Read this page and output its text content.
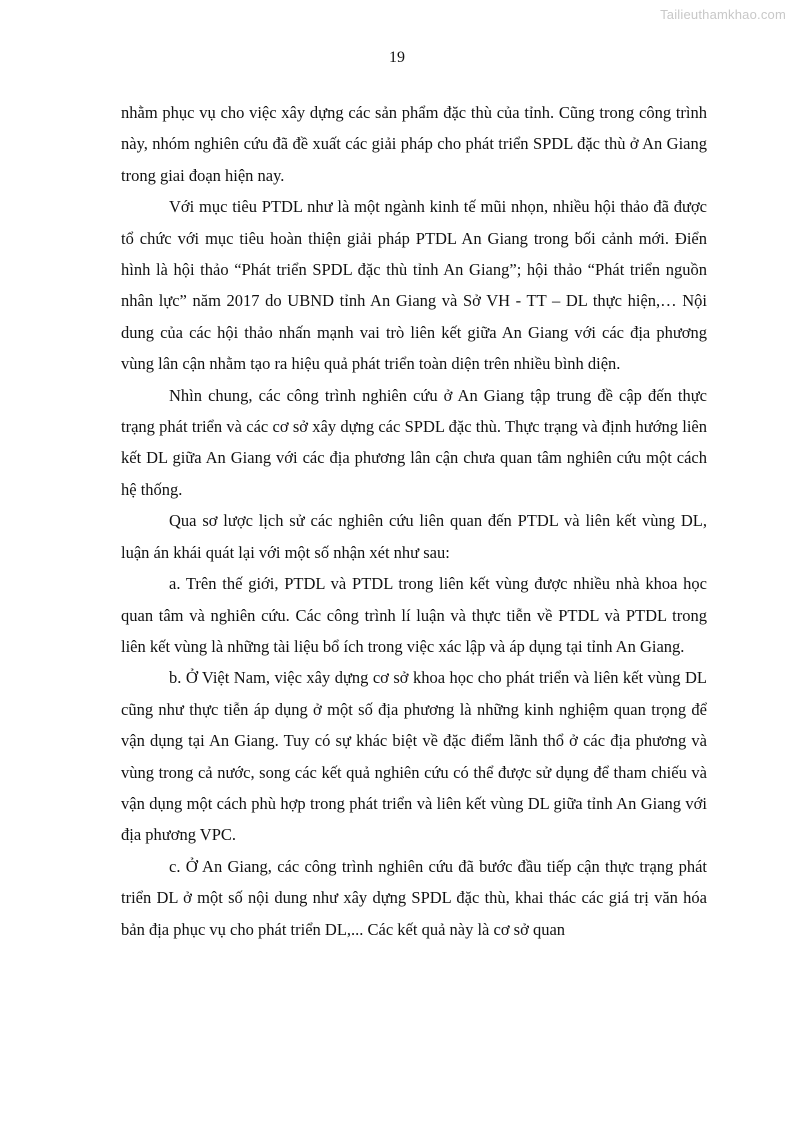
Tailieuthamkhao.com
19

nhằm phục vụ cho việc xây dựng các sản phẩm đặc thù của tỉnh. Cũng trong công trình này, nhóm nghiên cứu đã đề xuất các giải pháp cho phát triển SPDL đặc thù ở An Giang trong giai đoạn hiện nay.

Với mục tiêu PTDL như là một ngành kinh tế mũi nhọn, nhiều hội thảo đã được tổ chức với mục tiêu hoàn thiện giải pháp PTDL An Giang trong bối cảnh mới. Điển hình là hội thảo “Phát triển SPDL đặc thù tỉnh An Giang”; hội thảo “Phát triển nguồn nhân lực” năm 2017 do UBND tỉnh An Giang và Sở VH - TT – DL thực hiện,… Nội dung của các hội thảo nhấn mạnh vai trò liên kết giữa An Giang với các địa phương vùng lân cận nhằm tạo ra hiệu quả phát triển toàn diện trên nhiều bình diện.

Nhìn chung, các công trình nghiên cứu ở An Giang tập trung đề cập đến thực trạng phát triển và các cơ sở xây dựng các SPDL đặc thù. Thực trạng và định hướng liên kết DL giữa An Giang với các địa phương lân cận chưa quan tâm nghiên cứu một cách hệ thống.

Qua sơ lược lịch sử các nghiên cứu liên quan đến PTDL và liên kết vùng DL, luận án khái quát lại với một số nhận xét như sau:

a. Trên thế giới, PTDL và PTDL trong liên kết vùng được nhiều nhà khoa học quan tâm và nghiên cứu. Các công trình lí luận và thực tiễn về PTDL và PTDL trong liên kết vùng là những tài liệu bổ ích trong việc xác lập và áp dụng tại tỉnh An Giang.

b. Ở Việt Nam, việc xây dựng cơ sở khoa học cho phát triển và liên kết vùng DL cũng như thực tiễn áp dụng ở một số địa phương là những kinh nghiệm quan trọng để vận dụng tại An Giang. Tuy có sự khác biệt về đặc điểm lãnh thổ ở các địa phương và vùng trong cả nước, song các kết quả nghiên cứu có thể được sử dụng để tham chiếu và vận dụng một cách phù hợp trong phát triển và liên kết vùng DL giữa tỉnh An Giang với địa phương VPC.

c. Ở An Giang, các công trình nghiên cứu đã bước đầu tiếp cận thực trạng phát triển DL ở một số nội dung như xây dựng SPDL đặc thù, khai thác các giá trị văn hóa bản địa phục vụ cho phát triển DL,... Các kết quả này là cơ sở quan
